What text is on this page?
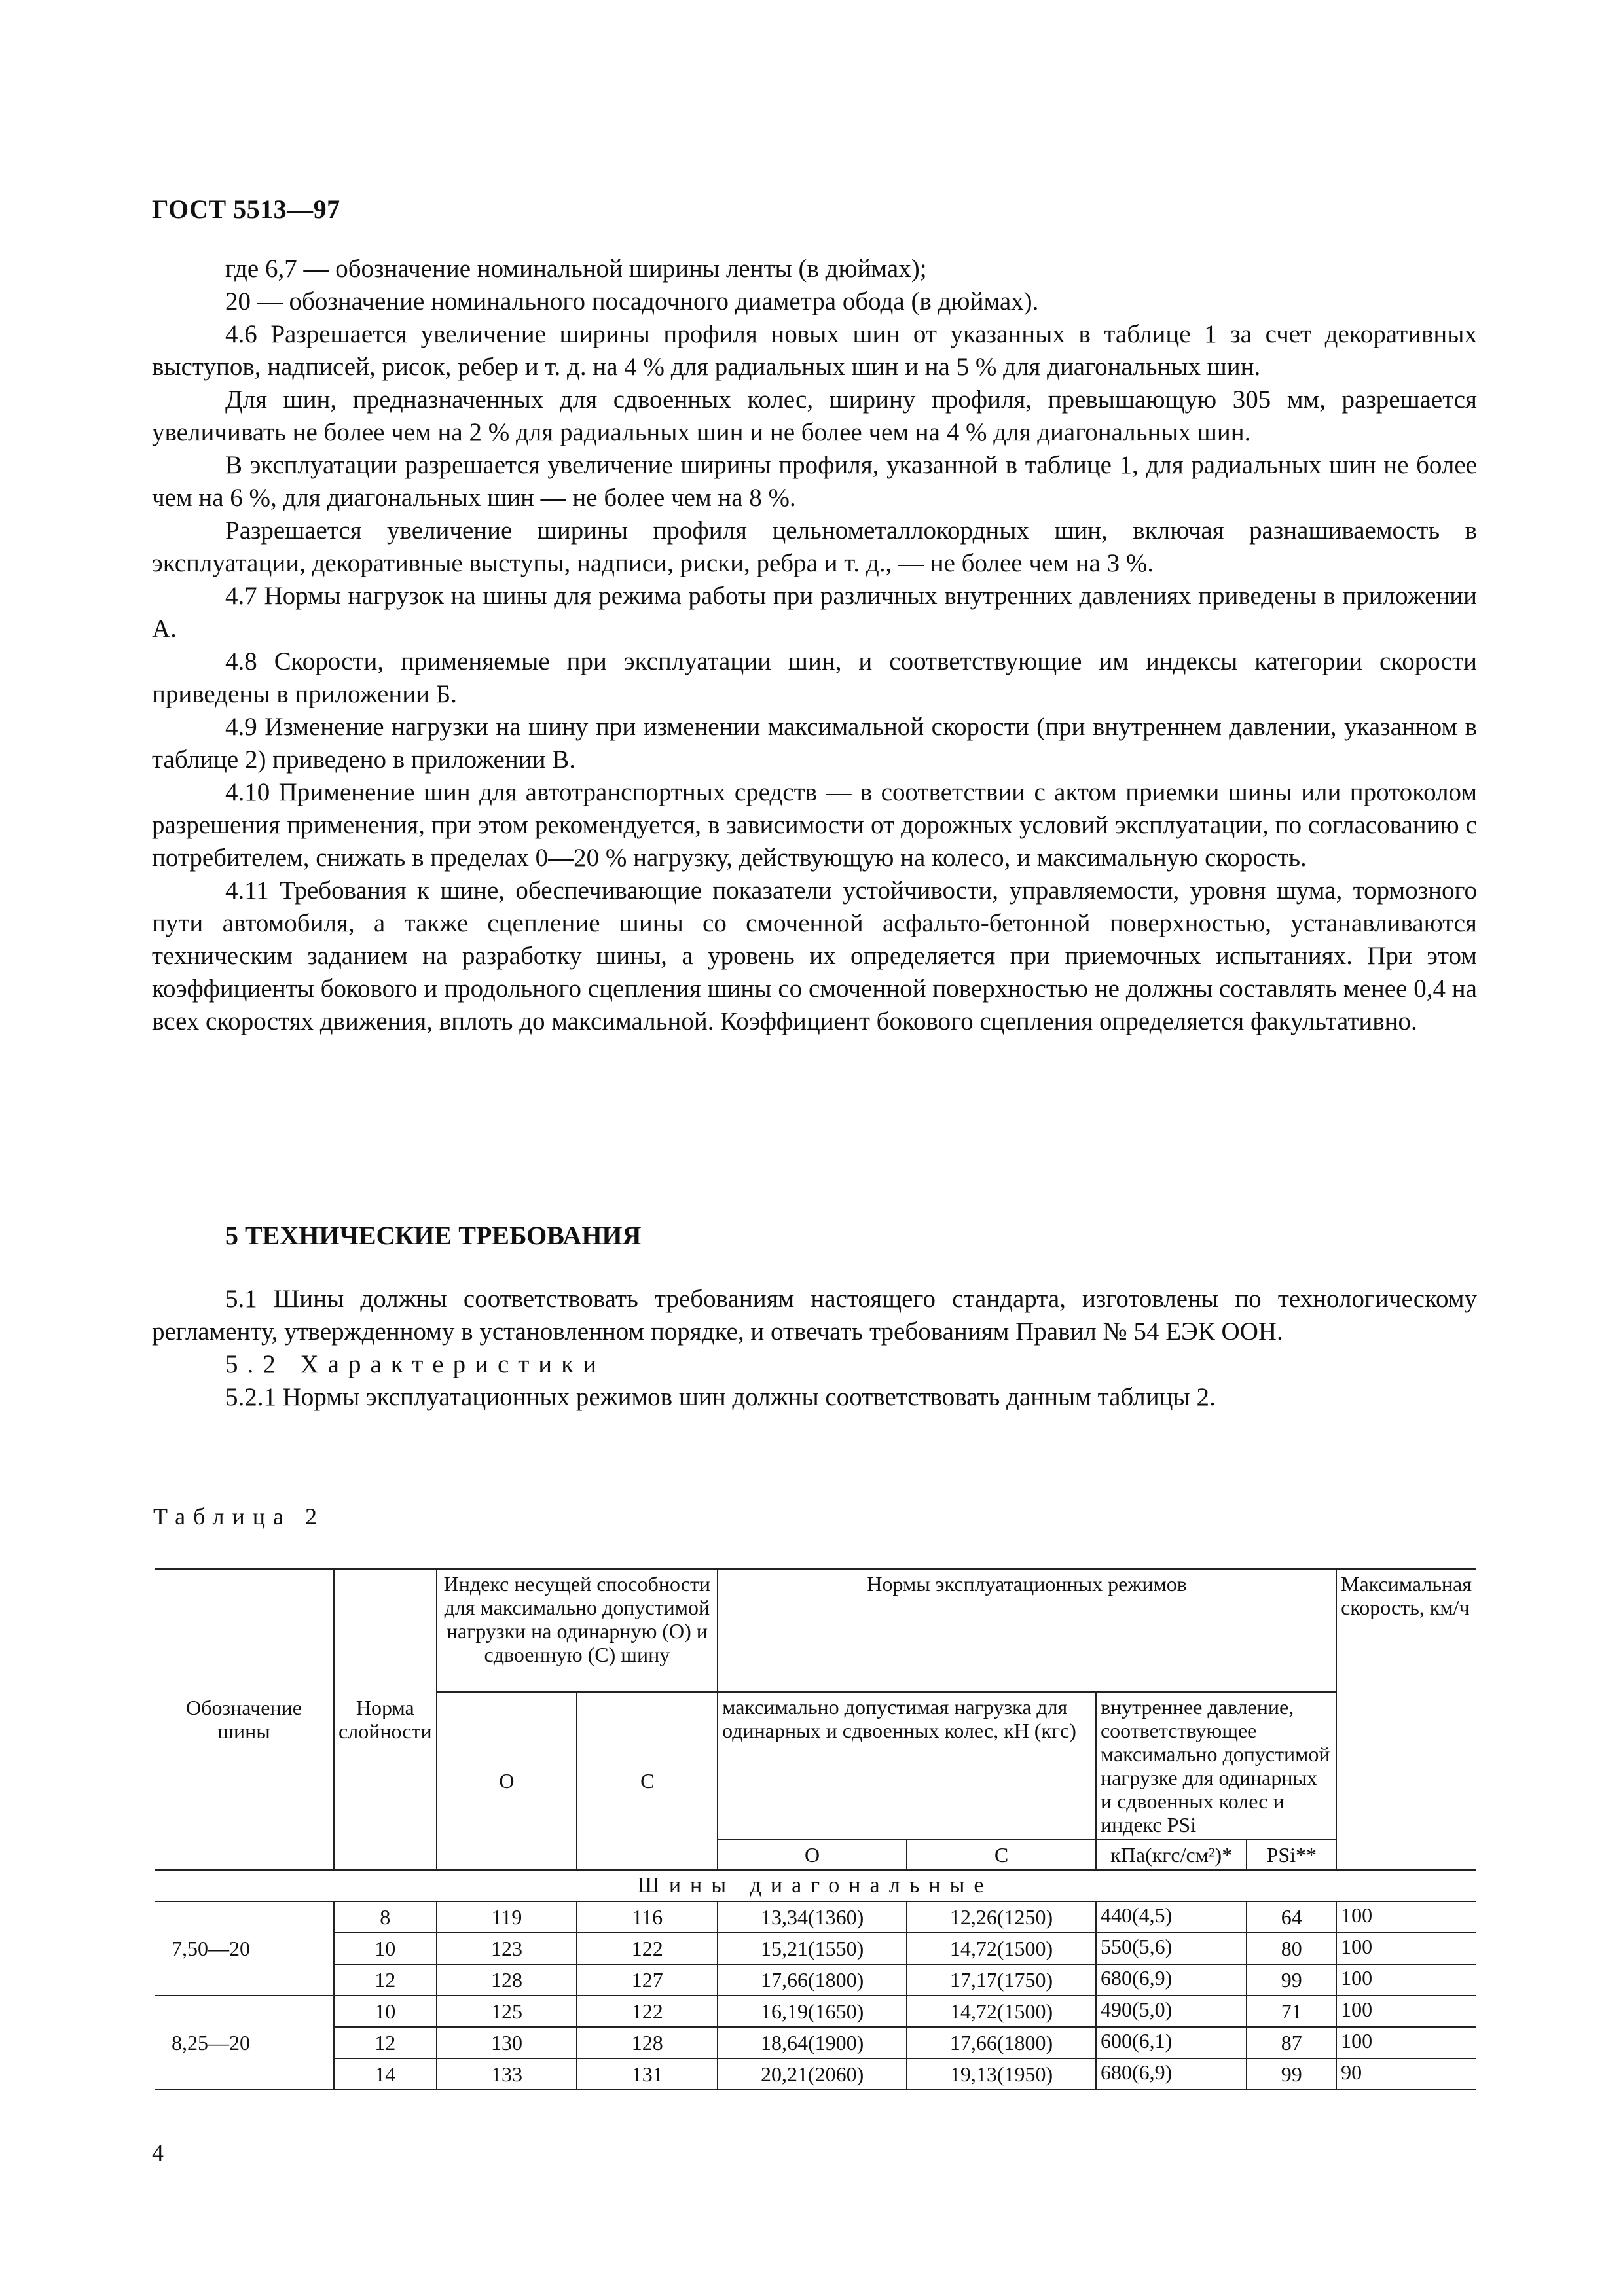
ГОСТ 5513—97

где 6,7 — обозначение номинальной ширины ленты (в дюймах);

20 — обозначение номинального посадочного диаметра обода (в дюймах).

4.6 Разрешается увеличение ширины профиля новых шин от указанных в таблице 1 за счет декоративных выступов, надписей, рисок, ребер и т. д. на 4 % для радиальных шин и на 5 % для диагональных шин.

Для шин, предназначенных для сдвоенных колес, ширину профиля, превышающую 305 мм, разрешается увеличивать не более чем на 2 % для радиальных шин и не более чем на 4 % для диагональных шин.

В эксплуатации разрешается увеличение ширины профиля, указанной в таблице 1, для радиальных шин не более чем на 6 %, для диагональных шин — не более чем на 8 %.

Разрешается увеличение ширины профиля цельнометаллокордных шин, включая разнашиваемость в эксплуатации, декоративные выступы, надписи, риски, ребра и т. д., — не более чем на 3 %.

4.7 Нормы нагрузок на шины для режима работы при различных внутренних давлениях приведены в приложении А.

4.8 Скорости, применяемые при эксплуатации шин, и соответствующие им индексы категории скорости приведены в приложении Б.

4.9 Изменение нагрузки на шину при изменении максимальной скорости (при внутреннем давлении, указанном в таблице 2) приведено в приложении В.

4.10 Применение шин для автотранспортных средств — в соответствии с актом приемки шины или протоколом разрешения применения, при этом рекомендуется, в зависимости от дорожных условий эксплуатации, по согласованию с потребителем, снижать в пределах 0—20 % нагрузку, действующую на колесо, и максимальную скорость.

4.11 Требования к шине, обеспечивающие показатели устойчивости, управляемости, уровня шума, тормозного пути автомобиля, а также сцепление шины со смоченной асфальто-бетонной поверхностью, устанавливаются техническим заданием на разработку шины, а уровень их определяется при приемочных испытаниях. При этом коэффициенты бокового и продольного сцепления шины со смоченной поверхностью не должны составлять менее 0,4 на всех скоростях движения, вплоть до максимальной. Коэффициент бокового сцепления определяется факультативно.

5 ТЕХНИЧЕСКИЕ ТРЕБОВАНИЯ

5.1 Шины должны соответствовать требованиям настоящего стандарта, изготовлены по технологическому регламенту, утвержденному в установленном порядке, и отвечать требованиям Правил № 54 ЕЭК ООН.

5.2 Характеристики

5.2.1 Нормы эксплуатационных режимов шин должны соответствовать данным таблицы 2.

Таблица 2
Обозначение шины	Норма слойности	Индекс несущей способности для максимально допустимой нагрузки на одинарную (О) и сдвоенную (С) шину		Нормы эксплуатационных режимов				Максимальная скорость, км/ч

		О	С	максимально допустимая нагрузка для одинарных и сдвоенных колес, кН (кгс)		внутреннее давление, соответствующее максимально допустимой нагрузке для одинарных и сдвоенных колес и индекс PSi		
				О	С	кПа(кгс/см²)*	PSi**	
Шины диагональные								
7,50—20	8	119	116	13,34(1360)	12,26(1250)	440(4,5)	64	100
	10	123	122	15,21(1550)	14,72(1500)	550(5,6)	80	100
	12	128	127	17,66(1800)	17,17(1750)	680(6,9)	99	100
8,25—20	10	125	122	16,19(1650)	14,72(1500)	490(5,0)	71	100
	12	130	128	18,64(1900)	17,66(1800)	600(6,1)	87	100
	14	133	131	20,21(2060)	19,13(1950)	680(6,9)	99	90
4
